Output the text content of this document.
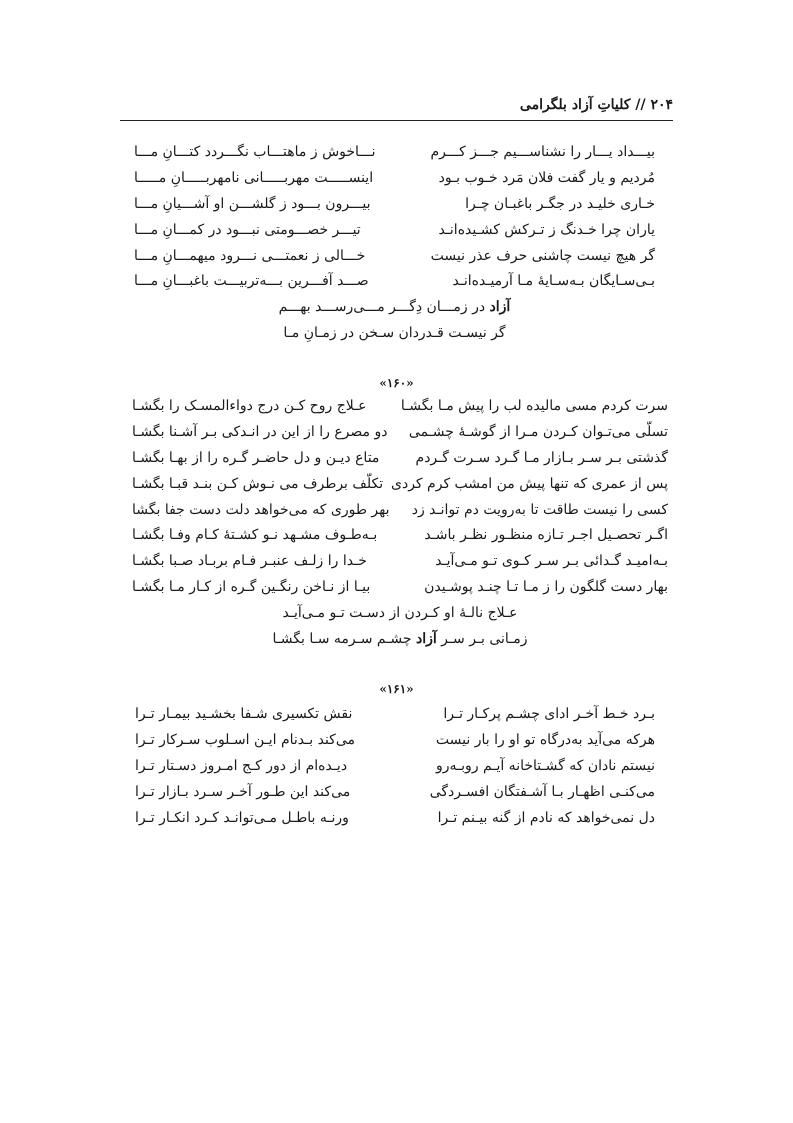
۲۰۴ // کلیاتِ آزاد بلگرامی
بیـــداد یـــار را نشناســـیم جـــز کـــرم
نـــاخوش ز ماهتـــاب نگـــردد کتـــانِ مـــا
مُردیم و یار گفت فلان مَرد خـوب بـود
اینســـــت مهربـــــانی نامهربـــــانِ مـــــا
خـاری خلیـد در جگـر باغبـان چـرا
بیـــرون بـــود ز گلشـــن او آشـــیانِ مـــا
یاران چرا خـدنگ ز تـرکش کشـیده‌انـد
تیـــر خصـــومتی نبـــود در کمـــانِ مـــا
گر هیچ نیست چاشنی حرف عذر نیست
خـــالی ز نعمتـــی نـــرود میهمـــانِ مـــا
بـی‌سـایگان بـه‌سـایهٔ مـا آرمیـده‌انـد
صـــد آفـــرین بـــه‌تربیـــت باغبـــانِ مـــا
آزاد در زمـــان دِگـــر مـــی‌رســـد بهـــم
گر نیسـت قـدردان سـخن در زمـانِ مـا
«۱۶۰»
سرت کردم مسی مالیده لب را پیش مـا بگشـا
عـلاج روح کـن درج دواءالمسـک را بگشـا
تسلّی می‌تـوان کـردن مـرا از گوشـهٔ چشـمی
دو مصرع را از این در انـدکی بـر آشـنا بگشـا
گذشتی بـر سـر بـازار مـا گـرد سـرت گـردم
متاع دیـن و دل حاضـر گـره را از بهـا بگشـا
پس از عمری که تنها پیش من امشب کرم کردی
تکلّف برطرف می نـوش کـن بنـد قبـا بگشـا
کسی را نیست طاقت تا به‌رویت دم توانـد زد
بهر طوری که می‌خواهد دلت دست جفا بگشا
اگـر تحصـیل اجـر تـازه منظـور نظـر باشـد
بـه‌طـوف مشـهد نـو کشـتهٔ کـام وفـا بگشـا
بـه‌امیـد گـدائی بـر سـر کـوی تـو مـی‌آیـد
خـدا را زلـف عنبـر فـام بربـاد صـبا بگشـا
بهار دست گلگون را ز مـا تـا چنـد پوشـیدن
بیـا از نـاخن رنگـین گـره از کـار مـا بگشـا
عـلاج نالـهٔ او کـردن از دسـت تـو مـی‌آیـد
زمـانی بـر سـر آزاد چشـم سـرمه سـا بگشـا
«۱۶۱»
بـرد خـط آخـر ادای چشـم پرکـار تـرا
نقش تکسیری شـفا بخشـید بیمـار تـرا
هرکه می‌آید به‌درگاه تو او را بار نیست
می‌کند بـدنام ایـن اسـلوب سـرکار تـرا
نیستم نادان که گشـتاخانه آیـم روبـه‌رو
دیـده‌ام از دور کـج امـروز دسـتار تـرا
می‌کنـی اظهـار بـا آشـفتگان افسـردگی
می‌کند این طـور آخـر سـرد بـازار تـرا
دل نمی‌خواهد که نادم از گنه بیـنم تـرا
ورنـه باطـل مـی‌توانـد کـرد انکـار تـرا
